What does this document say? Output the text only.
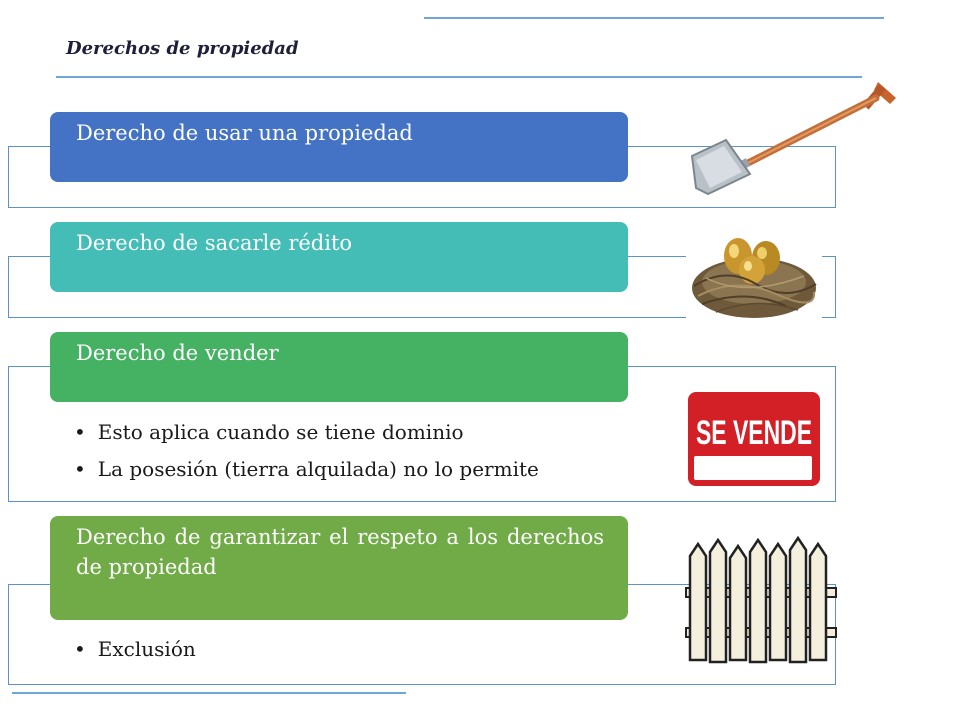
Derechos de propiedad
Derecho de usar una propiedad
Derecho de sacarle rédito
Derecho de vender
• Esto aplica cuando se tiene dominio
• La posesión (tierra alquilada) no lo permite
Derecho de garantizar el respeto a los derechos de propiedad
• Exclusión
SE VENDE
